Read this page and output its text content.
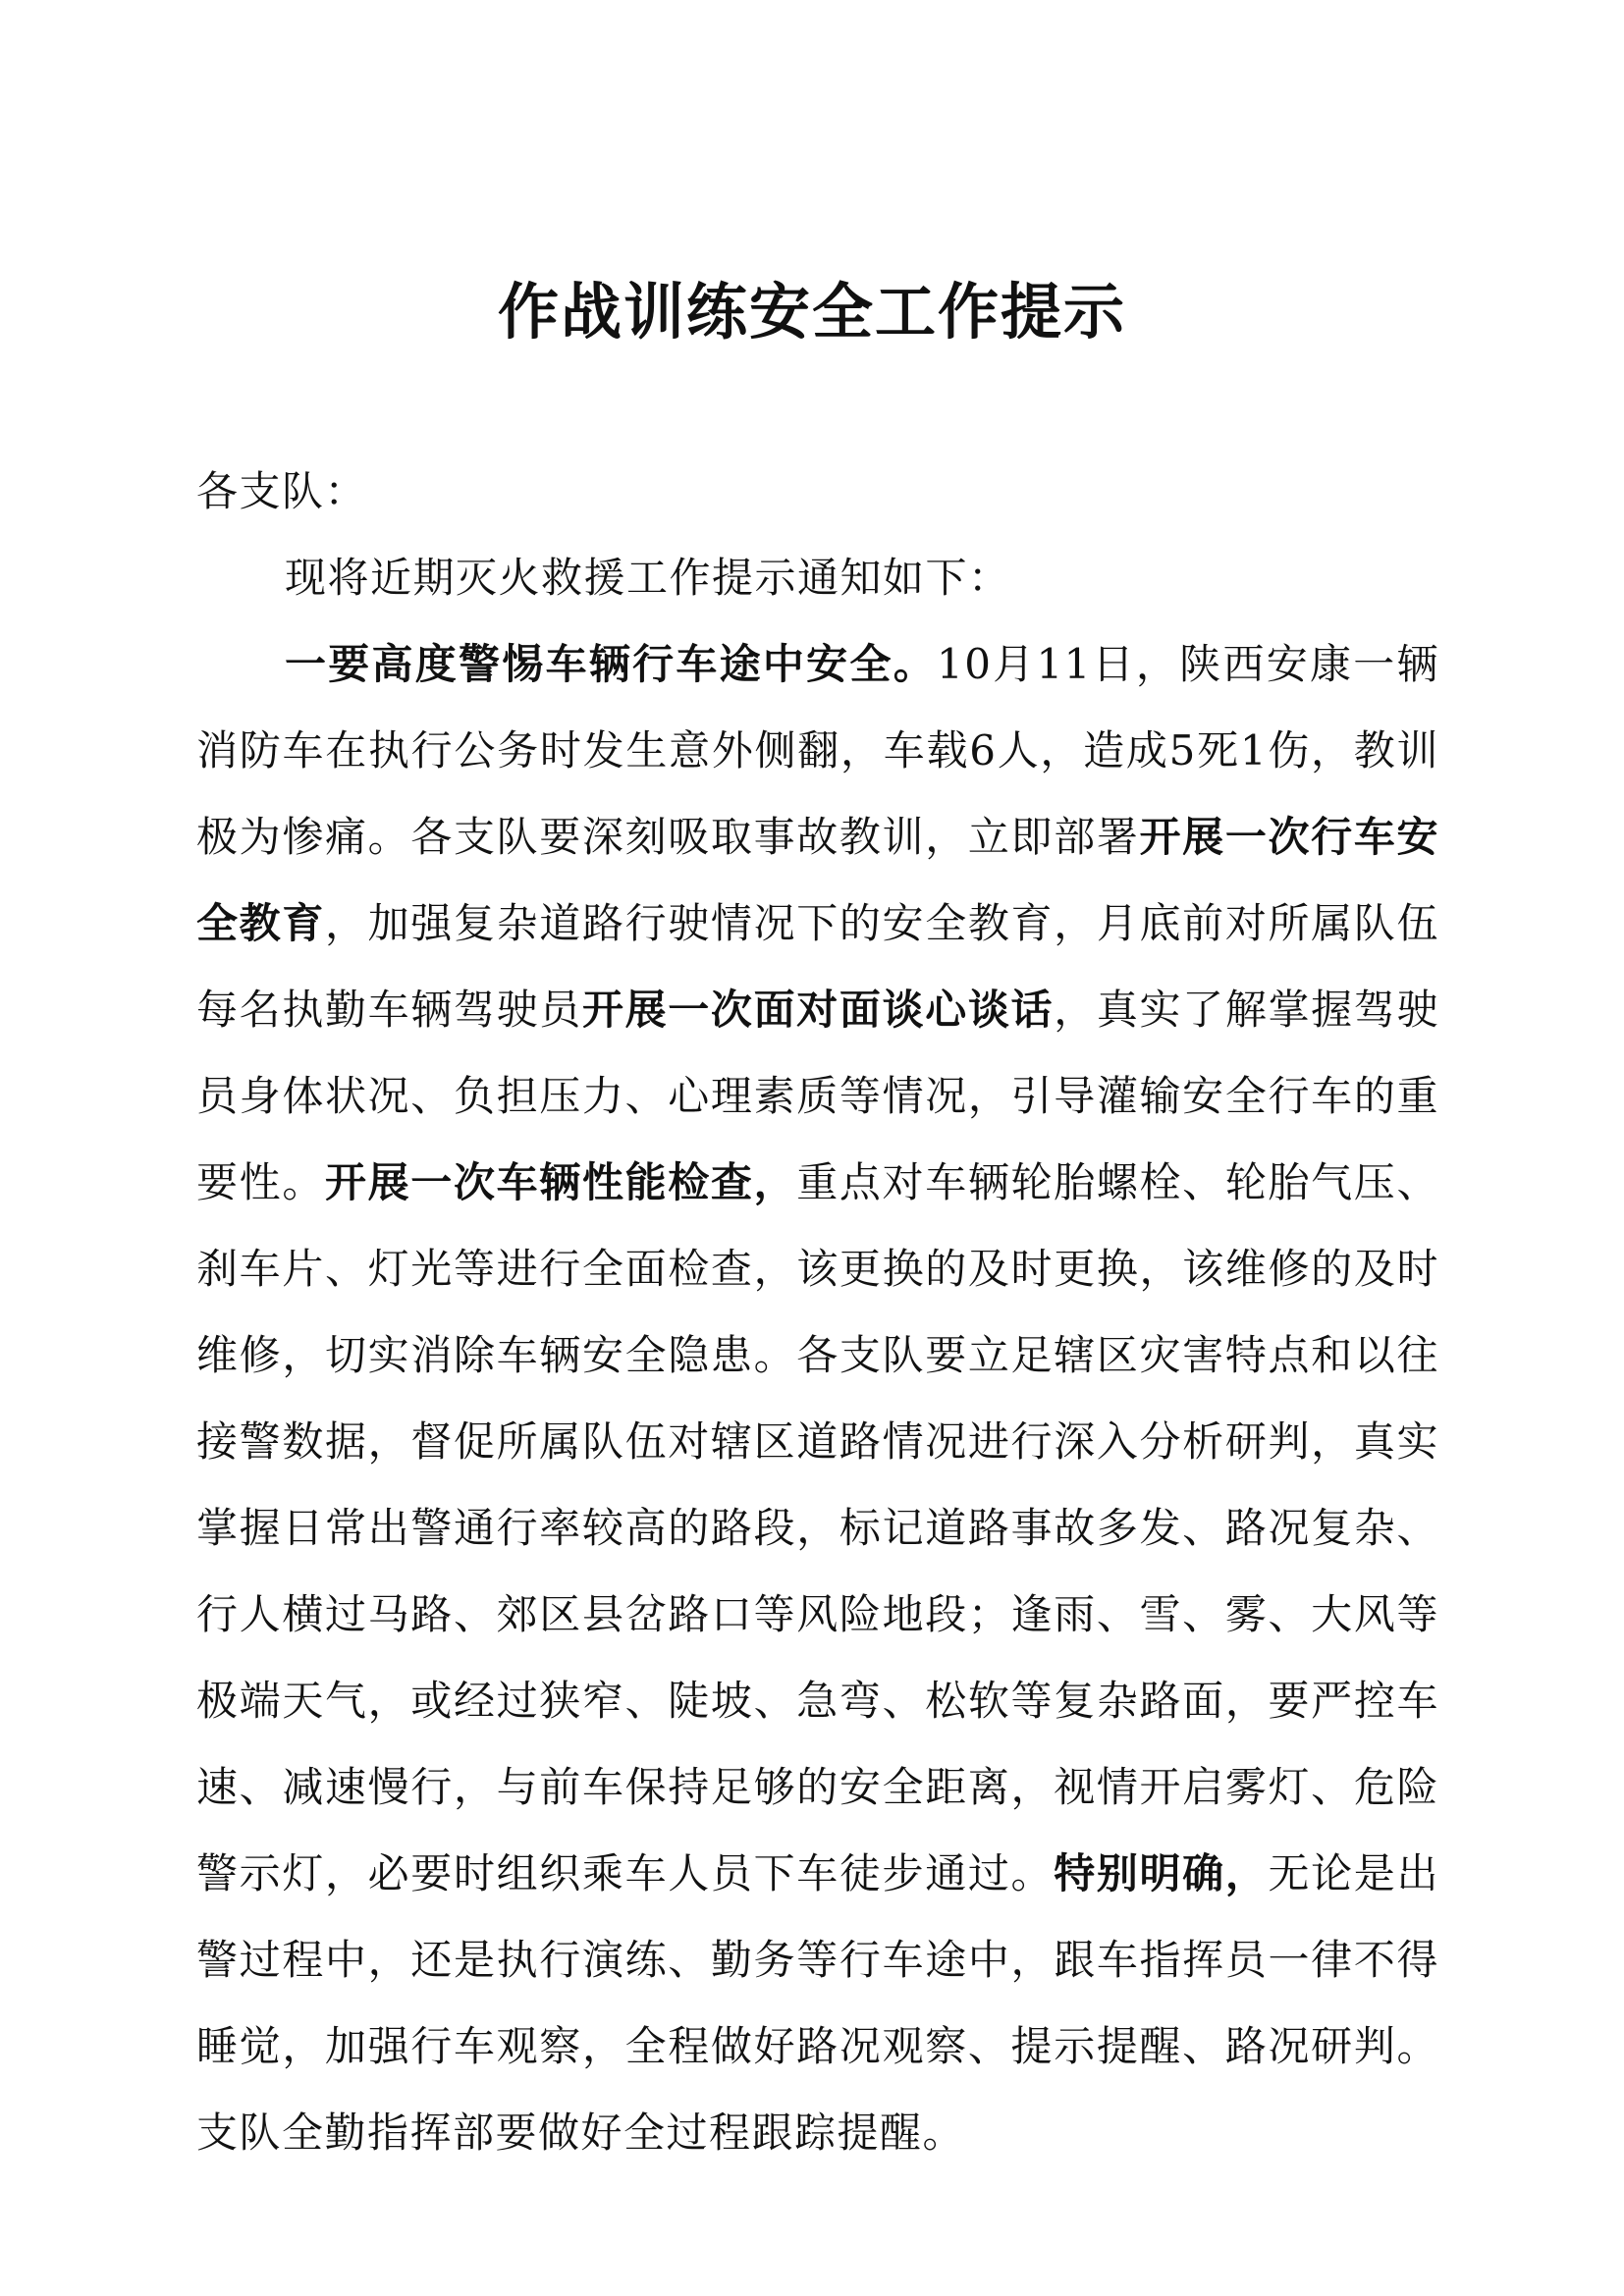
作战训练安全工作提示

各支队：

现将近期灭火救援工作提示通知如下：

一要高度警惕车辆行车途中安全。10月11日，陕西安康一辆消防车在执行公务时发生意外侧翻，车载6人，造成5死1伤，教训极为惨痛。各支队要深刻吸取事故教训，立即部署开展一次行车安全教育，加强复杂道路行驶情况下的安全教育，月底前对所属队伍每名执勤车辆驾驶员开展一次面对面谈心谈话，真实了解掌握驾驶员身体状况、负担压力、心理素质等情况，引导灌输安全行车的重要性。开展一次车辆性能检查，重点对车辆轮胎螺栓、轮胎气压、刹车片、灯光等进行全面检查，该更换的及时更换，该维修的及时维修，切实消除车辆安全隐患。各支队要立足辖区灾害特点和以往接警数据，督促所属队伍对辖区道路情况进行深入分析研判，真实掌握日常出警通行率较高的路段，标记道路事故多发、路况复杂、行人横过马路、郊区县岔路口等风险地段；逢雨、雪、雾、大风等极端天气，或经过狭窄、陡坡、急弯、松软等复杂路面，要严控车速、减速慢行，与前车保持足够的安全距离，视情开启雾灯、危险警示灯，必要时组织乘车人员下车徒步通过。特别明确，无论是出警过程中，还是执行演练、勤务等行车途中，跟车指挥员一律不得睡觉，加强行车观察，全程做好路况观察、提示提醒、路况研判。支队全勤指挥部要做好全过程跟踪提醒。
